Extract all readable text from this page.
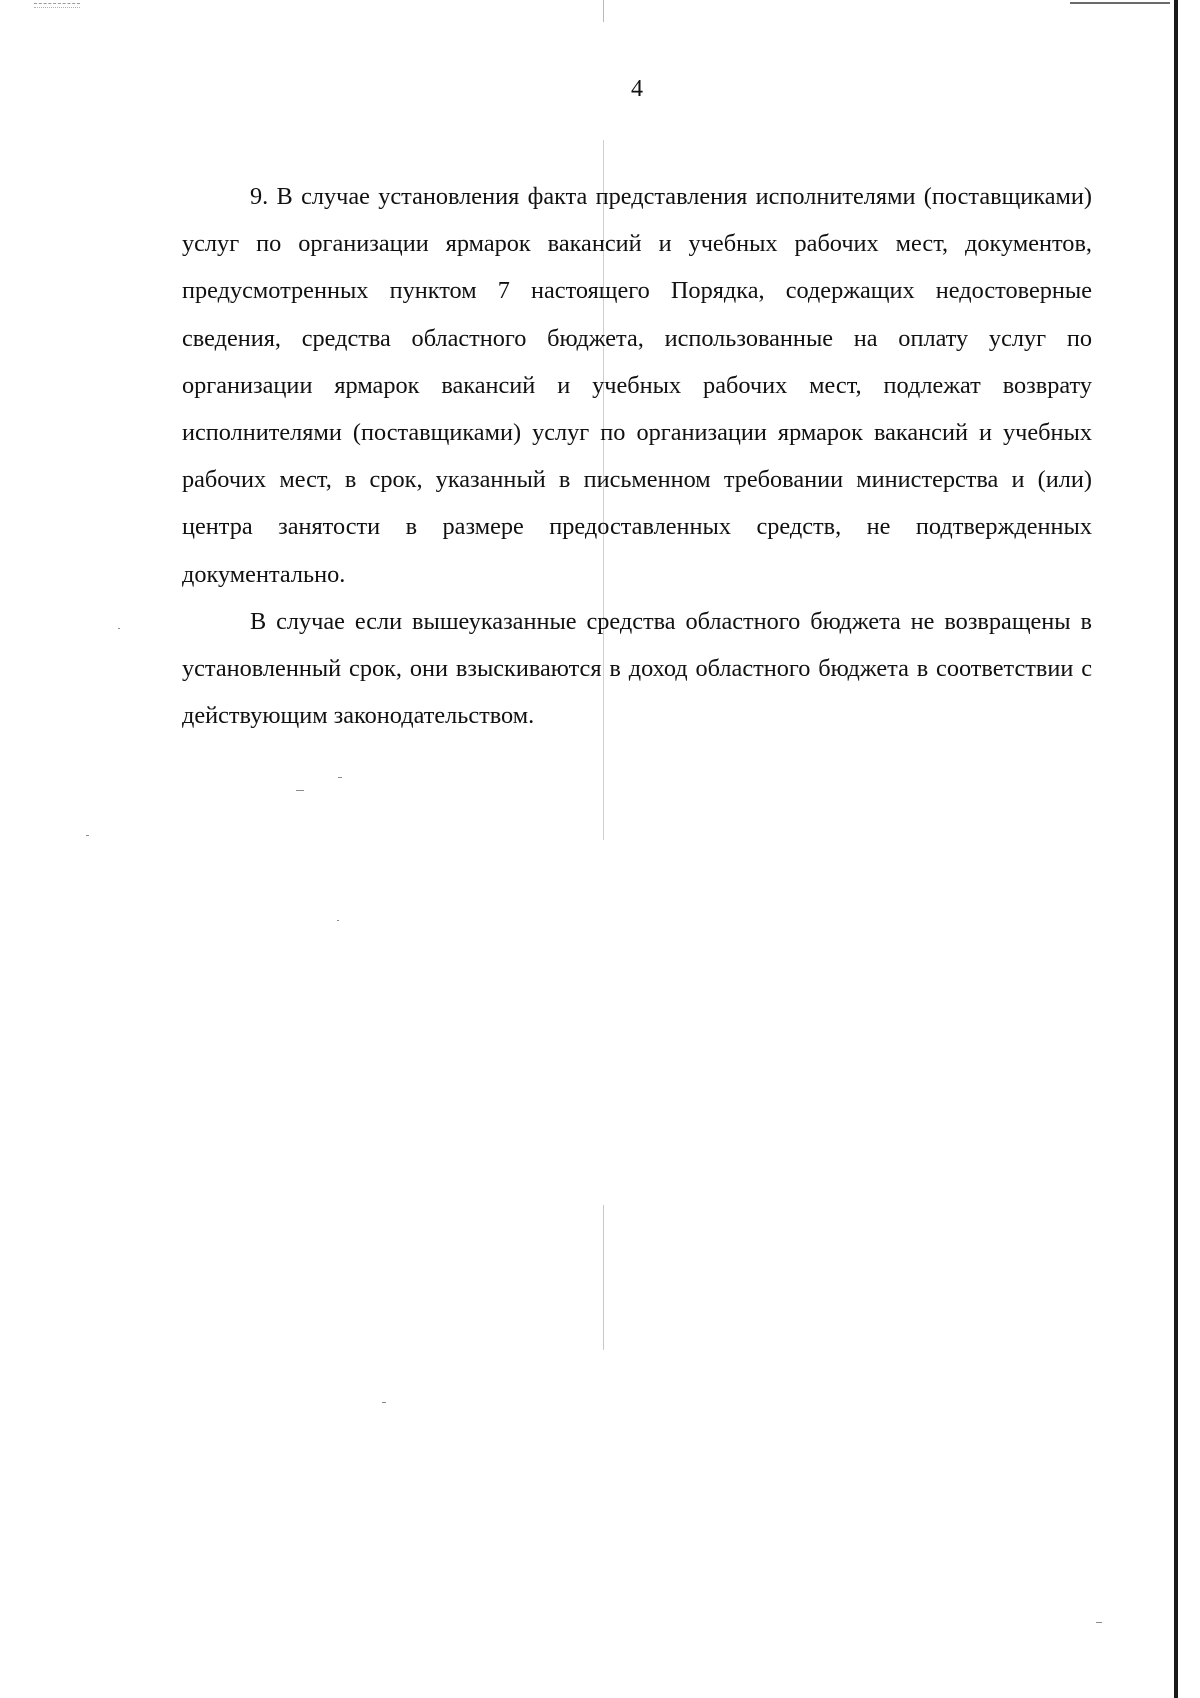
4

9. В случае установления факта представления исполнителями (поставщиками) услуг по организации ярмарок вакансий и учебных рабочих мест, документов, предусмотренных пунктом 7 настоящего Порядка, содержащих недостоверные сведения, средства областного бюджета, использованные на оплату услуг по организации ярмарок вакансий и учебных рабочих мест, подлежат возврату исполнителями (поставщиками) услуг по организации ярмарок вакансий и учебных рабочих мест, в срок, указанный в письменном требовании министерства и (или) центра занятости в размере предоставленных средств, не подтвержденных документально.

В случае если вышеуказанные средства областного бюджета не возвращены в установленный срок, они взыскиваются в доход областного бюджета в соответствии с действующим законодательством.
